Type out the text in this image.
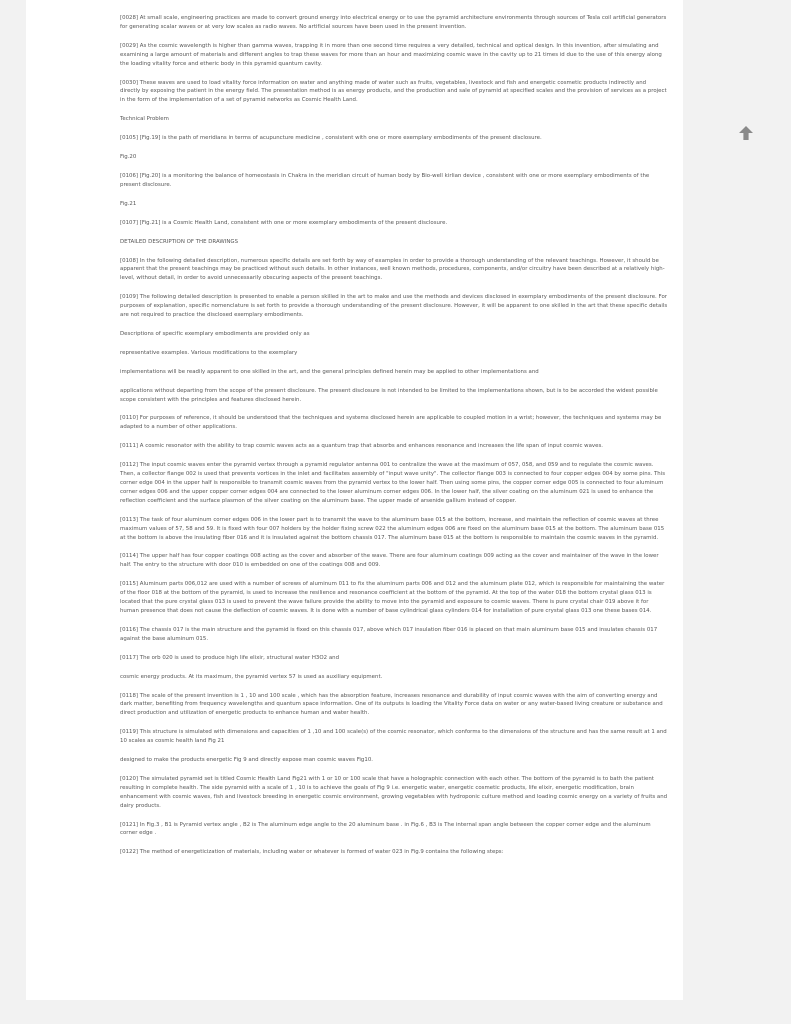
[0028] At small scale, engineering practices are made to convert ground energy into electrical energy or to use the pyramid architecture environments through sources of Tesla coil artificial generators for generating scalar waves or at very low scales as radio waves. No artificial sources have been used in the present invention.

[0029] As the cosmic wavelength is higher than gamma waves, trapping it in more than one second time requires a very detailed, technical and optical design. In this invention, after simulating and examining a large amount of materials and different angles to trap these waves for more than an hour and maximizing cosmic wave in the cavity up to 21 times id due to the use of this energy along the loading vitality force and etheric body in this pyramid quantum cavity.

[0030] These waves are used to load vitality force information on water and anything made of water such as fruits, vegetables, livestock and fish and energetic cosmetic products indirectly and directly by exposing the patient in the energy field. The presentation method is as energy products, and the production and sale of pyramid at specified scales and the provision of services as a project in the form of the implementation of a set of pyramid networks as Cosmic Health Land.

Technical Problem

[0105] [Fig.19] is the path of meridians in terms of acupuncture medicine , consistent with one or more exemplary embodiments of the present disclosure.

Fig.20

[0106] [Fig.20] is a monitoring the balance of homeostasis in Chakra in the meridian circuit of human body by Bio-well kirlian device , consistent with one or more exemplary embodiments of the present disclosure.

Fig.21

[0107] [Fig.21] is a Cosmic Health Land, consistent with one or more exemplary embodiments of the present disclosure.

DETAILED DESCRIPTION OF THE DRAWINGS

[0108] In the following detailed description, numerous specific details are set forth by way of examples in order to provide a thorough understanding of the relevant teachings. However, it should be apparent that the present teachings may be practiced without such details. In other instances, well known methods, procedures, components, and/or circuitry have been described at a relatively high-level, without detail, in order to avoid unnecessarily obscuring aspects of the present teachings.

[0109] The following detailed description is presented to enable a person skilled in the art to make and use the methods and devices disclosed in exemplary embodiments of the present disclosure. For purposes of explanation, specific nomenclature is set forth to provide a thorough understanding of the present disclosure. However, it will be apparent to one skilled in the art that these specific details are not required to practice the disclosed exemplary embodiments.

Descriptions of specific exemplary embodiments are provided only as

representative examples. Various modifications to the exemplary

implementations will be readily apparent to one skilled in the art, and the general principles defined herein may be applied to other implementations and

applications without departing from the scope of the present disclosure. The present disclosure is not intended to be limited to the implementations shown, but is to be accorded the widest possible scope consistent with the principles and features disclosed herein.

[0110] For purposes of reference, it should be understood that the techniques and systems disclosed herein are applicable to coupled motion in a wrist; however, the techniques and systems may be adapted to a number of other applications.

[0111] A cosmic resonator with the ability to trap cosmic waves acts as a quantum trap that absorbs and enhances resonance and increases the life span of input cosmic waves.

[0112] The input cosmic waves enter the pyramid vertex through a pyramid regulator antenna 001 to centralize the wave at the maximum of 057, 058, and 059 and to regulate the cosmic waves. Then, a collector flange 002 is used that prevents vortices in the inlet and facilitates assembly of "input wave unity". The collector flange 003 is connected to four copper edges 004 by some pins. This corner edge 004 in the upper half is responsible to transmit cosmic waves from the pyramid vertex to the lower half. Then using some pins, the copper corner edge 005 is connected to four aluminum corner edges 006 and the upper copper corner edges 004 are connected to the lower aluminum corner edges 006. In the lower half, the silver coating on the aluminum 021 is used to enhance the reflection coefficient and the surface plasmon of the silver coating on the aluminum base. The upper made of arsenide gallium instead of copper.

[0113] The task of four aluminum corner edges 006 in the lower part is to transmit the wave to the aluminum base 015 at the bottom, increase, and maintain the reflection of cosmic waves at three maximum values of 57, 58 and 59. It is fixed with four 007 holders by the holder fixing screw 022 the aluminum edges 006 are fixed on the aluminum base 015 at the bottom. The aluminum base 015 at the bottom is above the insulating fiber 016 and it is insulated against the bottom chassis 017. The aluminum base 015 at the bottom is responsible to maintain the cosmic waves in the pyramid.

[0114] The upper half has four copper coatings 008 acting as the cover and absorber of the wave. There are four aluminum coatings 009 acting as the cover and maintainer of the wave in the lower half. The entry to the structure with door 010 is embedded on one of the coatings 008 and 009.

[0115] Aluminum parts 006,012 are used with a number of screws of aluminum 011 to fix the aluminum parts 006 and 012 and the aluminum plate 012, which is responsible for maintaining the water of the floor 018 at the bottom of the pyramid, is used to increase the resilience and resonance coefficient at the bottom of the pyramid. At the top of the water 018 the bottom crystal glass 013 is located that the pure crystal glass 013 is used to prevent the wave failure provide the ability to move into the pyramid and exposure to cosmic waves. There is pure crystal chair 019 above it for human presence that does not cause the deflection of cosmic waves. It is done with a number of base cylindrical glass cylinders 014 for installation of pure crystal glass 013 one these bases 014.

[0116] The chassis 017 is the main structure and the pyramid is fixed on this chassis 017, above which 017 insulation fiber 016 is placed on that main aluminum base 015 and insulates chassis 017 against the base aluminum 015.

[0117] The orb 020 is used to produce high life elixir, structural water H3O2 and

cosmic energy products. At its maximum, the pyramid vertex 57 is used as auxiliary equipment.

[0118] The scale of the present invention is 1 , 10 and 100 scale , which has the absorption feature, increases resonance and durability of input cosmic waves with the aim of converting energy and dark matter, benefiting from frequency wavelengths and quantum space information. One of its outputs is loading the Vitality Force data on water or any water-based living creature or substance and direct production and utilization of energetic products to enhance human and water health.

[0119] This structure is simulated with dimensions and capacities of 1 ,10 and 100 scale(s) of the cosmic resonator, which conforms to the dimensions of the structure and has the same result at 1 and 10 scales as cosmic health land Fig 21

designed to make the products energetic Fig 9 and directly expose man cosmic waves Fig10.

[0120] The simulated pyramid set is titled Cosmic Health Land Fig21 with 1 or 10 or 100 scale that have a holographic connection with each other. The bottom of the pyramid is to bath the patient resulting in complete health. The side pyramid with a scale of 1 , 10 is to achieve the goals of Fig 9 i.e. energetic water, energetic cosmetic products, life elixir, energetic modification, brain enhancement with cosmic waves, fish and livestock breeding in energetic cosmic environment, growing vegetables with hydroponic culture method and loading cosmic energy on a variety of fruits and dairy products.

[0121] In Fig.3 , B1 is Pyramid vertex angle , B2 is The aluminum edge angle to the 20 aluminum base . in Fig.6 , B3 is The internal span angle between the copper corner edge and the aluminum corner edge .

[0122] The method of energeticization of materials, including water or whatever is formed of water 023 in Fig.9 contains the following steps:
